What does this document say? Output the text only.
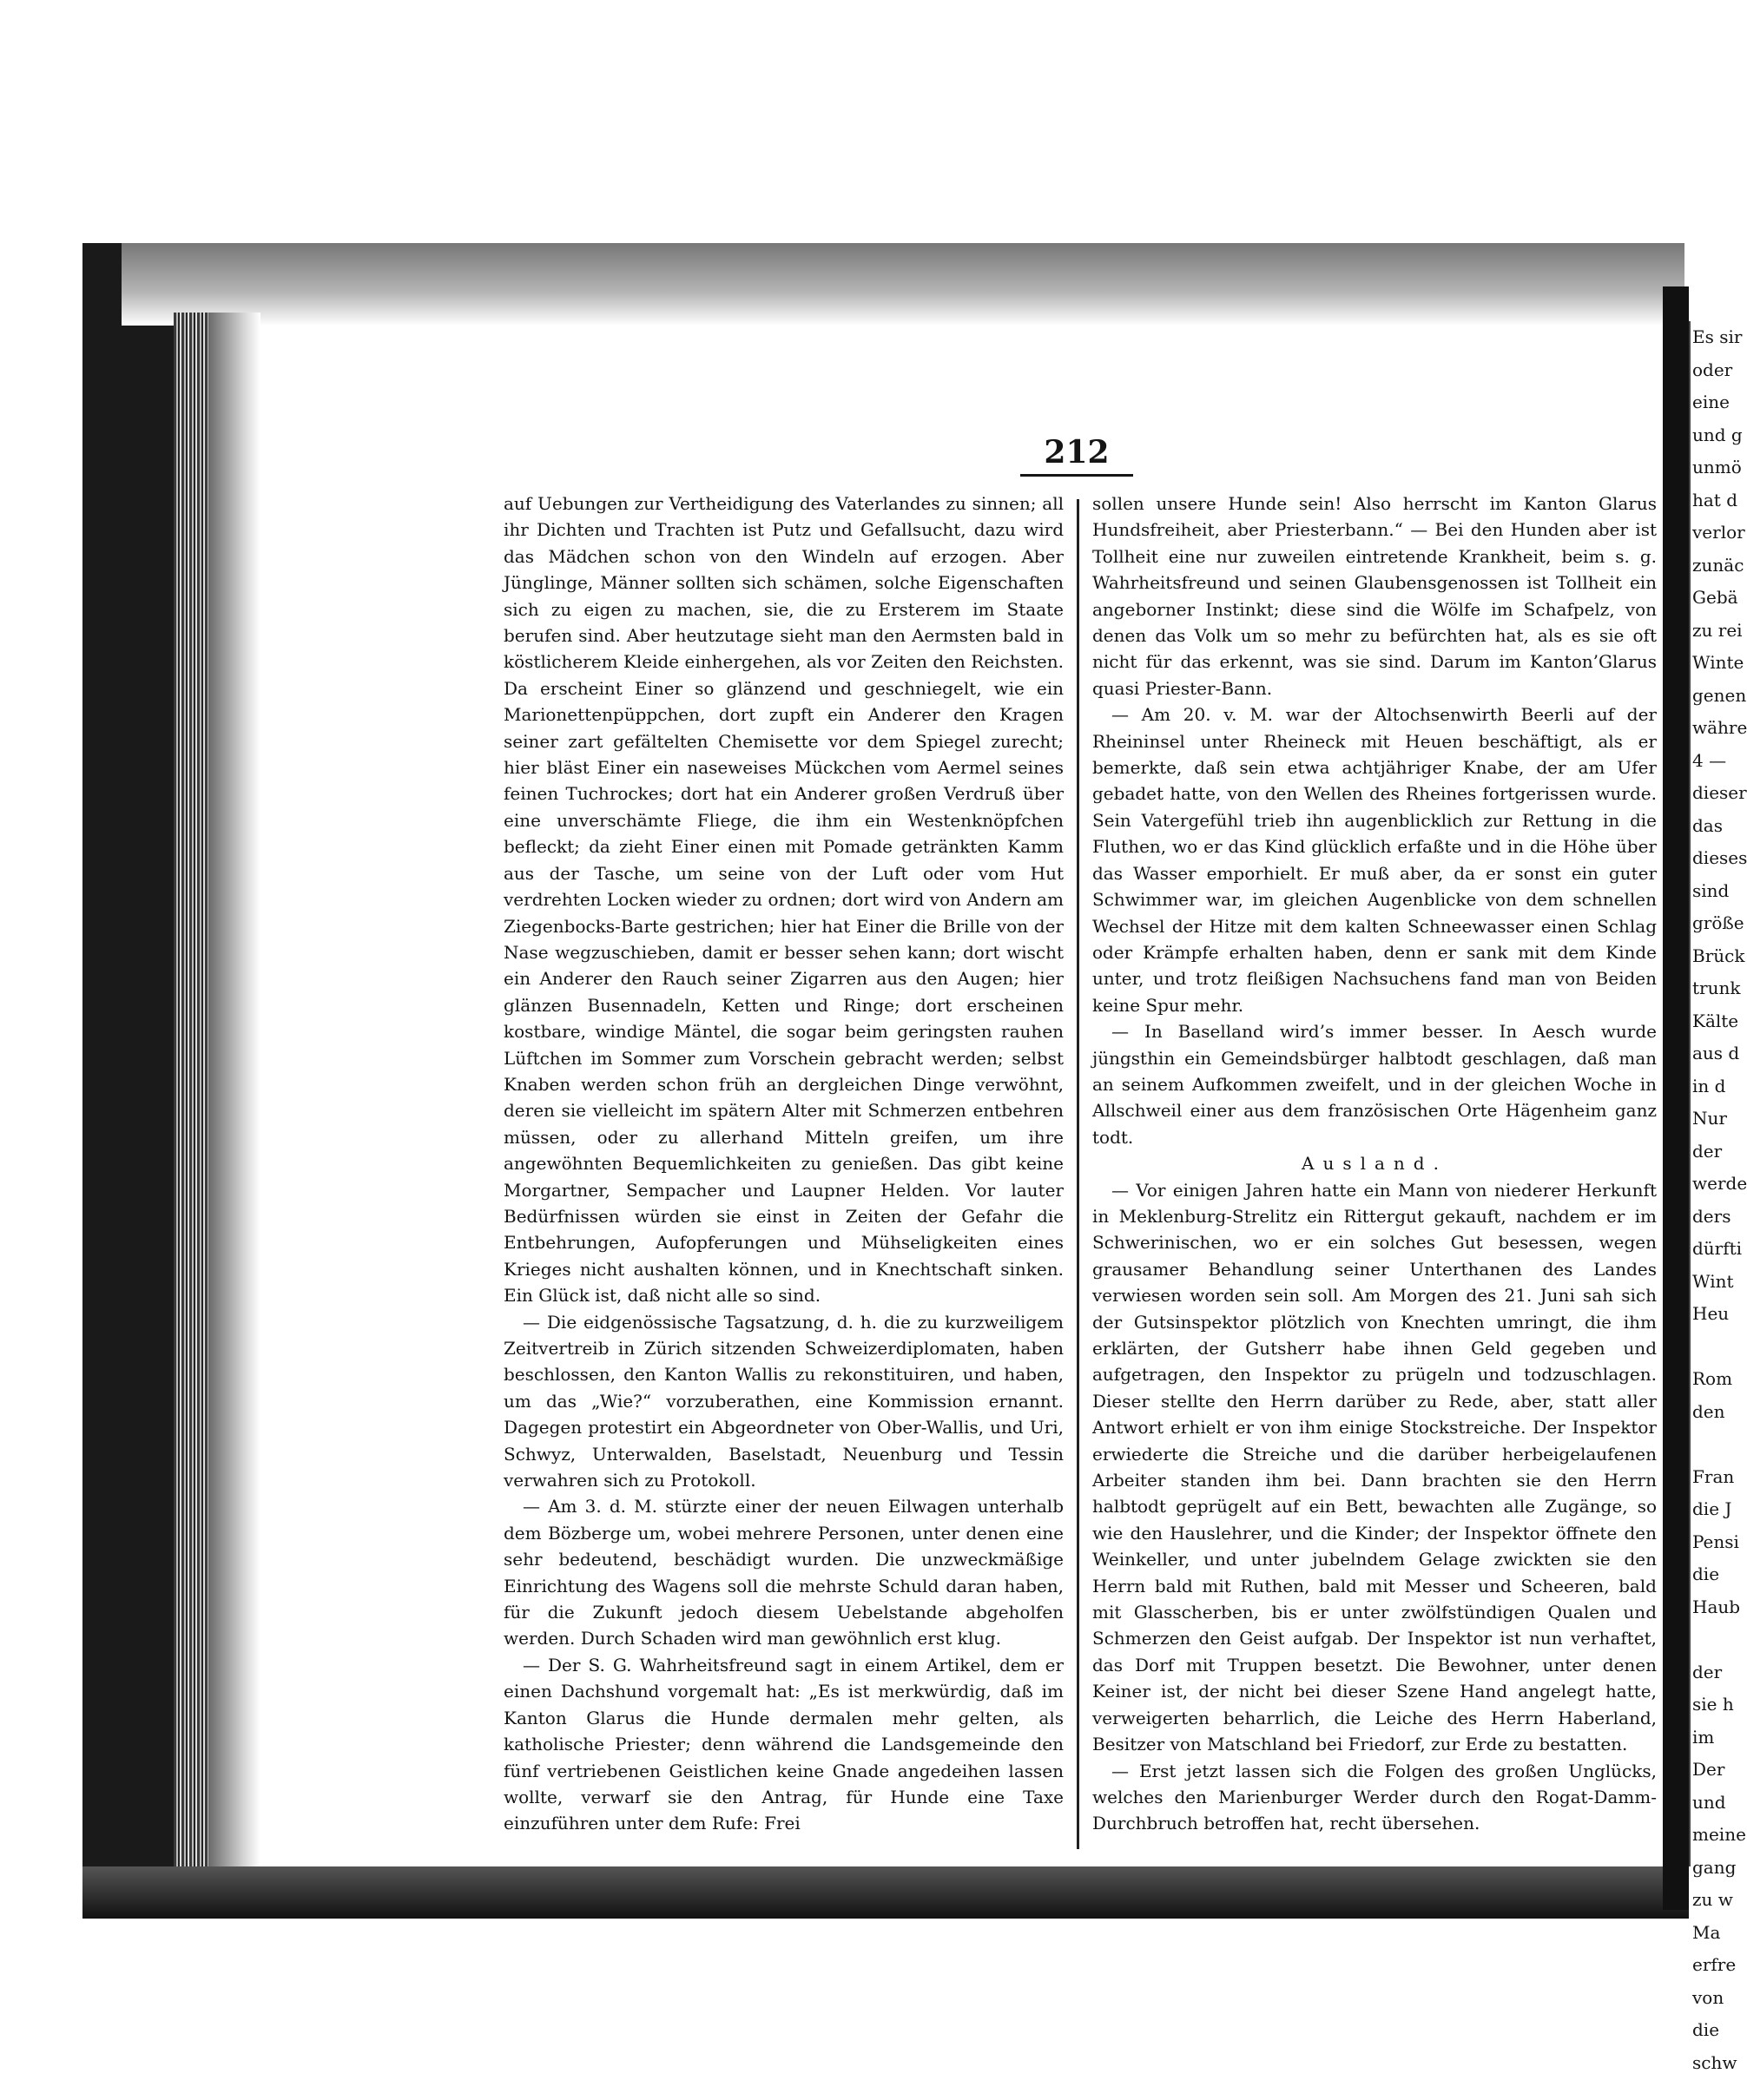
Es sir
oder
eine
und g
unmö
hat d
verlor
zunäc
Gebä
zu rei
Winte
genen
währe
4 —
dieser
das
dieses
sind
größe
Brück
trunk
Kälte
aus d
in d
Nur
der
werde
ders
dürfti
Wint
Heu

Rom
den

Fran
die J
Pensi
die
Haub

der
sie h
im
Der
und
meine
gang
zu w
Ma
erfre
von
die
schw
212

auf Uebungen zur Vertheidigung des Vaterlandes zu sinnen; all ihr Dichten und Trachten ist Putz und Gefallsucht, dazu wird das Mädchen schon von den Windeln auf erzogen. Aber Jünglinge, Männer sollten sich schämen, solche Eigenschaften sich zu eigen zu machen, sie, die zu Ersterem im Staate berufen sind. Aber heutzutage sieht man den Aermsten bald in köstlicherem Kleide einhergehen, als vor Zeiten den Reichsten. Da erscheint Einer so glänzend und geschniegelt, wie ein Marionettenpüppchen, dort zupft ein Anderer den Kragen seiner zart gefältelten Chemisette vor dem Spiegel zurecht; hier bläst Einer ein naseweises Mückchen vom Aermel seines feinen Tuchrockes; dort hat ein Anderer großen Verdruß über eine unverschämte Fliege, die ihm ein Westenknöpfchen befleckt; da zieht Einer einen mit Pomade getränkten Kamm aus der Tasche, um seine von der Luft oder vom Hut verdrehten Locken wieder zu ordnen; dort wird von Andern am Ziegenbocks-Barte gestrichen; hier hat Einer die Brille von der Nase wegzuschieben, damit er besser sehen kann; dort wischt ein Anderer den Rauch seiner Zigarren aus den Augen; hier glänzen Busennadeln, Ketten und Ringe; dort erscheinen kostbare, windige Mäntel, die sogar beim geringsten rauhen Lüftchen im Sommer zum Vorschein gebracht werden; selbst Knaben werden schon früh an dergleichen Dinge verwöhnt, deren sie vielleicht im spätern Alter mit Schmerzen entbehren müssen, oder zu allerhand Mitteln greifen, um ihre angewöhnten Bequemlichkeiten zu genießen. Das gibt keine Morgartner, Sempacher und Laupner Helden. Vor lauter Bedürfnissen würden sie einst in Zeiten der Gefahr die Entbehrungen, Aufopferungen und Mühseligkeiten eines Krieges nicht aushalten können, und in Knechtschaft sinken. Ein Glück ist, daß nicht alle so sind.

— Die eidgenössische Tagsatzung, d. h. die zu kurzweiligem Zeitvertreib in Zürich sitzenden Schweizerdiplomaten, haben beschlossen, den Kanton Wallis zu rekonstituiren, und haben, um das „Wie?“ vorzuberathen, eine Kommission ernannt. Dagegen protestirt ein Abgeordneter von Ober-Wallis, und Uri, Schwyz, Unterwalden, Baselstadt, Neuenburg und Tessin verwahren sich zu Protokoll.

— Am 3. d. M. stürzte einer der neuen Eilwagen unterhalb dem Bözberge um, wobei mehrere Personen, unter denen eine sehr bedeutend, beschädigt wurden. Die unzweckmäßige Einrichtung des Wagens soll die mehrste Schuld daran haben, für die Zukunft jedoch diesem Uebelstande abgeholfen werden. Durch Schaden wird man gewöhnlich erst klug.

— Der S. G. Wahrheitsfreund sagt in einem Artikel, dem er einen Dachshund vorgemalt hat: „Es ist merkwürdig, daß im Kanton Glarus die Hunde dermalen mehr gelten, als katholische Priester; denn während die Landsgemeinde den fünf vertriebenen Geistlichen keine Gnade angedeihen lassen wollte, verwarf sie den Antrag, für Hunde eine Taxe einzuführen unter dem Rufe: Frei

sollen unsere Hunde sein! Also herrscht im Kanton Glarus Hundsfreiheit, aber Priesterbann.“ — Bei den Hunden aber ist Tollheit eine nur zuweilen eintretende Krankheit, beim s. g. Wahrheitsfreund und seinen Glaubensgenossen ist Tollheit ein angeborner Instinkt; diese sind die Wölfe im Schafpelz, von denen das Volk um so mehr zu befürchten hat, als es sie oft nicht für das erkennt, was sie sind. Darum im Kanton’Glarus quasi Priester-Bann.

— Am 20. v. M. war der Altochsenwirth Beerli auf der Rheininsel unter Rheineck mit Heuen beschäftigt, als er bemerkte, daß sein etwa achtjähriger Knabe, der am Ufer gebadet hatte, von den Wellen des Rheines fortgerissen wurde. Sein Vatergefühl trieb ihn augenblicklich zur Rettung in die Fluthen, wo er das Kind glücklich erfaßte und in die Höhe über das Wasser emporhielt. Er muß aber, da er sonst ein guter Schwimmer war, im gleichen Augenblicke von dem schnellen Wechsel der Hitze mit dem kalten Schneewasser einen Schlag oder Krämpfe erhalten haben, denn er sank mit dem Kinde unter, und trotz fleißigen Nachsuchens fand man von Beiden keine Spur mehr.

— In Baselland wird’s immer besser. In Aesch wurde jüngsthin ein Gemeindsbürger halbtodt geschlagen, daß man an seinem Aufkommen zweifelt, und in der gleichen Woche in Allschweil einer aus dem französischen Orte Hägenheim ganz todt.

Ausland.

— Vor einigen Jahren hatte ein Mann von niederer Herkunft in Meklenburg-Strelitz ein Rittergut gekauft, nachdem er im Schwerinischen, wo er ein solches Gut besessen, wegen grausamer Behandlung seiner Unterthanen des Landes verwiesen worden sein soll. Am Morgen des 21. Juni sah sich der Gutsinspektor plötzlich von Knechten umringt, die ihm erklärten, der Gutsherr habe ihnen Geld gegeben und aufgetragen, den Inspektor zu prügeln und todzuschlagen. Dieser stellte den Herrn darüber zu Rede, aber, statt aller Antwort erhielt er von ihm einige Stockstreiche. Der Inspektor erwiederte die Streiche und die darüber herbeigelaufenen Arbeiter standen ihm bei. Dann brachten sie den Herrn halbtodt geprügelt auf ein Bett, bewachten alle Zugänge, so wie den Hauslehrer, und die Kinder; der Inspektor öffnete den Weinkeller, und unter jubelndem Gelage zwickten sie den Herrn bald mit Ruthen, bald mit Messer und Scheeren, bald mit Glasscherben, bis er unter zwölfstündigen Qualen und Schmerzen den Geist aufgab. Der Inspektor ist nun verhaftet, das Dorf mit Truppen besetzt. Die Bewohner, unter denen Keiner ist, der nicht bei dieser Szene Hand angelegt hatte, verweigerten beharrlich, die Leiche des Herrn Haberland, Besitzer von Matschland bei Friedorf, zur Erde zu bestatten.

— Erst jetzt lassen sich die Folgen des großen Unglücks, welches den Marienburger Werder durch den Rogat-Damm-Durchbruch betroffen hat, recht übersehen.
